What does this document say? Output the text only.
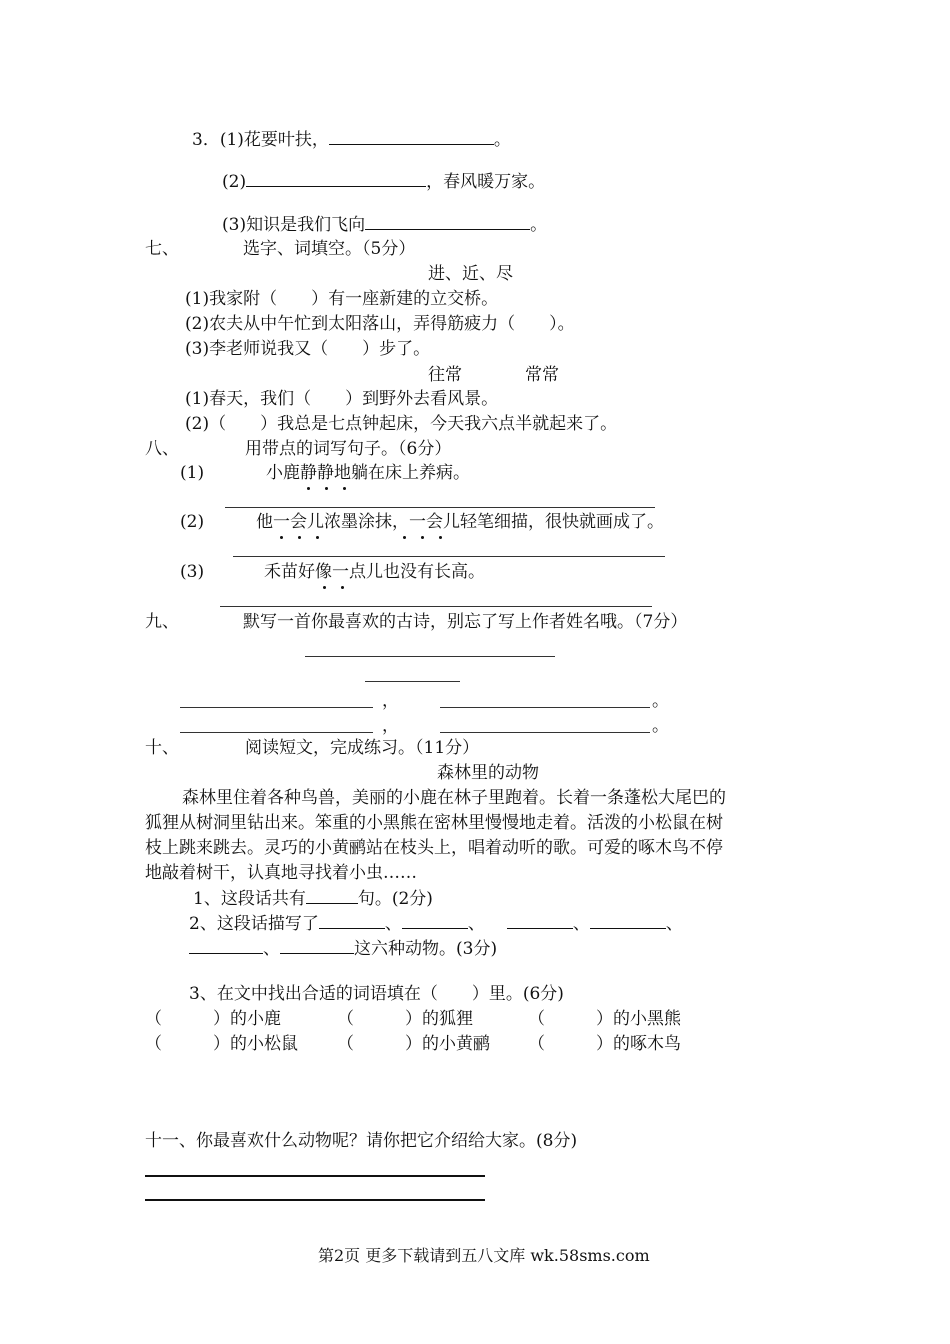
3．(1)花要叶扶，	。
(2)	，春风暖万家。
(3)知识是我们飞向	。
七、	选字、词填空。（5分）
进、近、尽
(1)我家附（　　）有一座新建的立交桥。
(2)农夫从中午忙到太阳落山，弄得筋疲力（　　）。
(3)李老师说我又（　　）步了。
往常	常常
(1)春天，我们（　　）到野外去看风景。
(2)（　　）我总是七点钟起床，今天我六点半就起来了。
八、	用带点的词写句子。（6分）
(1)	小鹿静静地躺在床上养病。
(2)	他一会儿浓墨涂抹，一会儿轻笔细描，很快就画成了。
(3)	禾苗好像一点儿也没有长高。
九、	默写一首你最喜欢的古诗，别忘了写上作者姓名哦。（7分）
，	。
，	。
十、	阅读短文，完成练习。（11分）
森林里的动物
森林里住着各种鸟兽，美丽的小鹿在林子里跑着。长着一条蓬松大尾巴的
狐狸从树洞里钻出来。笨重的小黑熊在密林里慢慢地走着。活泼的小松鼠在树
枝上跳来跳去。灵巧的小黄鹂站在枝头上，唱着动听的歌。可爱的啄木鸟不停
地敲着树干，认真地寻找着小虫……
1、这段话共有	句。(2分)
2、这段话描写了	、	、	、	、
、	这六种动物。(3分)
3、在文中找出合适的词语填在（　　）里。(6分)
（　　　）的小鹿	（　　　）的狐狸	（　　　）的小黑熊
（　　　）的小松鼠 （　　　）的小黄鹂 （　　　）的啄木鸟
十一、你最喜欢什么动物呢？请你把它介绍给大家。(8分)
第2页 更多下载请到五八文库 wk.58sms.com
